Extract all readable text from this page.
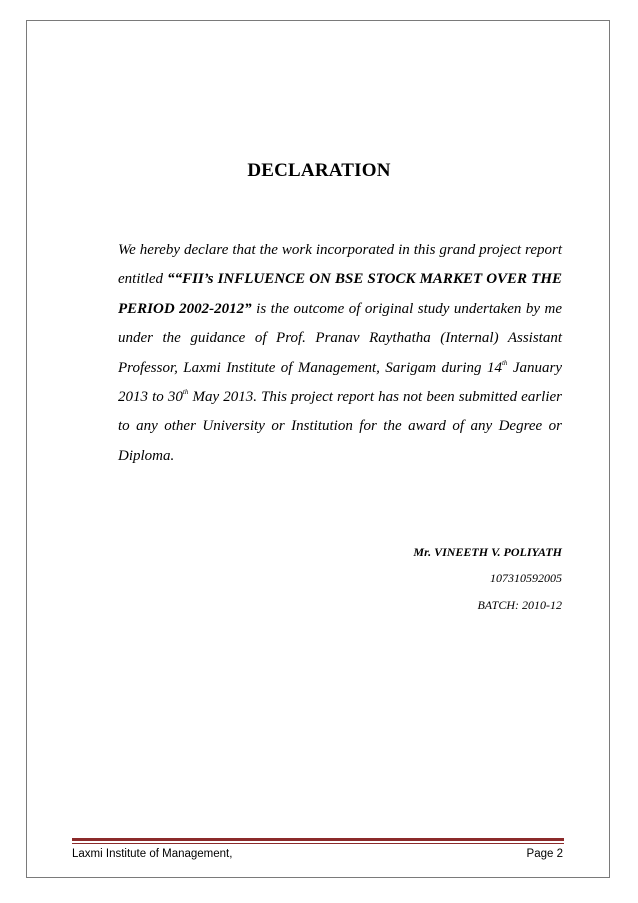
DECLARATION

We hereby declare that the work incorporated in this grand project report entitled ““FII’s INFLUENCE ON BSE STOCK MARKET OVER THE PERIOD 2002-2012” is the outcome of original study undertaken by me under the guidance of Prof. Pranav Raythatha (Internal) Assistant Professor, Laxmi Institute of Management, Sarigam during 14th January 2013 to 30th May 2013. This project report has not been submitted earlier to any other University or Institution for the award of any Degree or Diploma.

Mr. VINEETH V. POLIYATH
107310592005
BATCH: 2010-12
Laxmi Institute of Management,	Page 2
